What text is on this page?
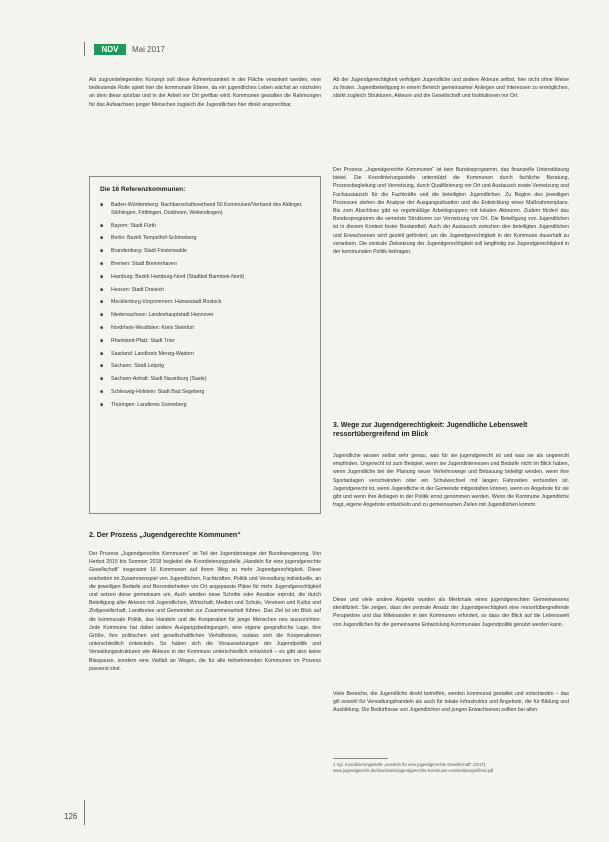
NDV	Mai 2017

Als zugrundeliegenden Konzept soll diese Aufmerksamkeit in der Fläche verankert werden, eine bedeutende Rolle spielt hier die kommunale Ebene, da ein jugendliches Leben wächst an nächsten an dem diese spürbar und in der Arbeit vor Ort greifbar wird. Kommunen gestalten die Rahmungen für das Aufwachsen junger Menschen zugleich die Jugendlichen hier direkt ansprechbar.

Die 16 Referenzkommunen:
■ Baden-Württemberg: Nachbarschaftsverband 50 Kommunen/Verband des Aldinger, Stöhlingen, Frittlingen, Dürbheim, Wellendingen)
■ Bayern: Stadt Fürth
■ Berlin: Bezirk Tempelhof-Schöneberg
■ Brandenburg: Stadt Finsterwalde
■ Bremen: Stadt Bremerhaven
■ Hamburg: Bezirk Hamburg-Nord (Stadtteil Barmbek-Nord)
■ Hessen: Stadt Dreieich
■ Mecklenburg-Vorpommern: Hansestadt Rostock
■ Niedersachsen: Landeshauptstadt Hannover
■ Nordrhein-Westfalen: Kreis Steinfurt
■ Rheinland-Pfalz: Stadt Trier
■ Saarland: Landkreis Merzig-Wadern
■ Sachsen: Stadt Leipzig
■ Sachsen-Anhalt: Stadt Naumburg (Saale)
■ Schleswig-Holstein: Stadt Bad Segeberg
■ Thüringen: Landkreis Sonneberg
2. Der Prozess „Jugendgerechte Kommunen“

Der Prozess „Jugendgerechte Kommunen“ ist Teil der Jugendstrategie der Bundesregierung. Von Herbst 2015 bis Sommer 2018 begleitet die Koordinierungsstelle „Handeln für eine jugendgerechte Gesellschaft“ insgesamt 16 Kommunen auf ihrem Weg zu mehr Jugendgerechtigkeit. Diese erarbeiten im Zusammenspiel von Jugendlichen, Fachkräften, Politik und Verwaltung individuelle, an die jeweiligen Bedarfe und Besonderheiten vor Ort angepasste Pläne für mehr Jugendgerechtigkeit und setzen diese gemeinsam um. Auch werden neue Schritte oder Ansätze erprobt, die durch Beteiligung aller Akteure mit Jugendlichen, Wirtschaft, Medien und Schule, Vereinen und Kultur und Zivilgesellschaft, Landkreise und Gemeinden zur Zusammenarbeit führen. Das Ziel ist ein Blick auf die kommunale Politik, das Handeln und die Kooperation für junge Menschen neu auszurichten. Jede Kommune hat dabei andere Ausgangsbedingungen, eine eigene geografische Lage, ihre Größe, ihre politischen und gesellschaftlichen Verhältnisse, sodass sich die Kooperationen unterschiedlich entwickeln. So haben sich die Voraussetzungen der Jugendpolitik und Verwaltungsstrukturen wie Akteure in der Kommune unterschiedlich entwickelt – es gibt also keine Blaupause, sondern eine Vielfalt an Wegen, die für alle teilnehmenden Kommunen im Prozess passend sind.

Ab der Jugendgerechtigkeit verfolgen Jugendliche und andere Akteure selbst, hier nicht ohne Weise zu finden. Jugendbeteiligung in einem Bereich gemeinsamer Anliegen und Interessen zu ermöglichen, stärkt zugleich Strukturen, Akteure und die Gesellschaft und Institutionen vor Ort.

Der Prozess „Jugendgerechte Kommunen“ ist kein Bundesprogramm, das finanzielle Unterstützung bietet. Die Koordinierungsstelle unterstützt die Kommunen durch fachliche Beratung, Prozessbegleitung und Vernetzung, durch Qualifizierung vor Ort und Austausch sowie Vernetzung und Fachaustausch für die Fachkräfte und die beteiligten Jugendlichen. Zu Beginn des jeweiligen Prozesses stehen die Analyse der Ausgangssituation und die Entwicklung eines Maßnahmenplans. Bis zum Abschluss gibt es regelmäßige Arbeitsgruppen mit lokalen Akteuren. Zudem fördert das Bundesprogramm die vernetzte Strukturen zur Vernetzung vor Ort. Die Beteiligung von Jugendlichen ist in diesem Kontext fester Bestandteil. Auch der Austausch zwischen den beteiligten Jugendlichen und Erwachsenen wird gezielt gefördert, um die Jugendgerechtigkeit in der Kommune dauerhaft zu verankern. Die zentrale Zielsetzung der Jugendgerechtigkeit soll langfristig zur Jugendgerechtigkeit in der kommunalen Politik beitragen.

3. Wege zur Jugendgerechtigkeit: Jugendliche Lebenswelt ressortübergreifend im Blick

Jugendliche wissen selbst sehr genau, was für sie jugendgerecht ist und was sie als ungerecht empfinden. Ungerecht ist zum Beispiel, wenn sie Jugendinteressen und Bedarfe nicht im Blick haben, wenn Jugendliche bei der Planung neuer Verkehrswege und Bebauung beteiligt werden, wenn ihre Sportanlagen verschwinden oder ein Schulwechsel mit langen Fahrzeiten verbunden ist. Jugendgerecht ist, wenn Jugendliche in der Gemeinde mitgestalten können, wenn es Angebote für sie gibt und wenn ihre Anliegen in der Politik ernst genommen werden. Wenn die Kommune Jugendliche fragt, eigene Angebote entwickeln und zu gemeinsamen Zielen mit Jugendlichen kommt.

Diese und viele andere Aspekte wurden als Merkmale eines jugendgerechten Gemeinwesens identifiziert. Sie zeigen, dass der zentrale Ansatz der Jugendgerechtigkeit eine ressortübergreifende Perspektive und das Miteinander in den Kommunen erfordert, so dass der Blick auf die Lebenswelt von Jugendlichen für die gemeinsame Entwicklung Kommunaler Jugendpolitik genutzt werden kann.

Viele Bereiche, die Jugendliche direkt betreffen, werden kommunal gestaltet und entschieden – das gilt sowohl für Verwaltungshandeln als auch für lokale Infrastruktur und Angebote, die für Bildung und Ausbildung. Die Bedürfnisse von Jugendlichen und jungen Erwachsenen sollten bei allen

1 Vgl. Koordinierungsstelle „Handeln für eine jugendgerechte Gesellschaft“ (2017): www.jugendgerecht.de/downloads/jugendgerechte-kommunen-ressortübergreifend.pdf
126
